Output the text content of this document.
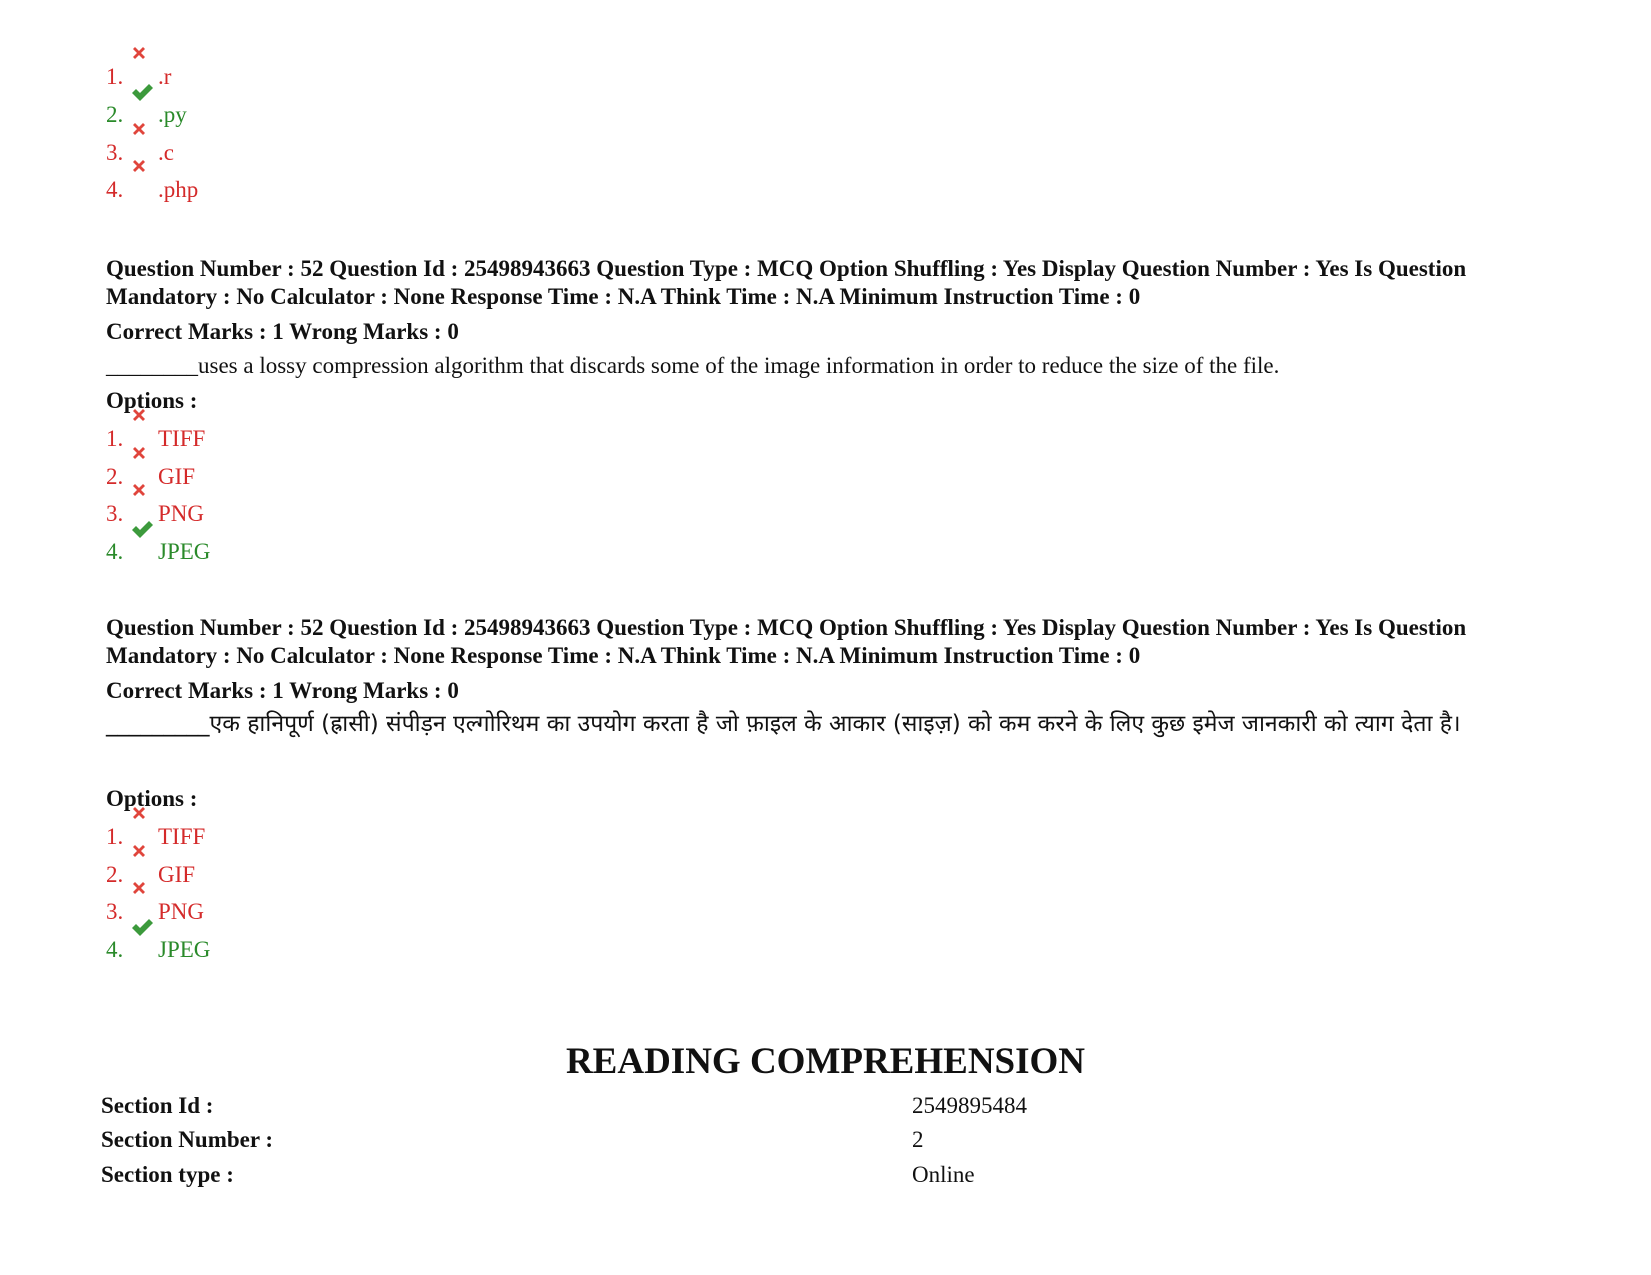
1. .r
2. .py
3. .c
4. .php
Question Number : 52 Question Id : 25498943663 Question Type : MCQ Option Shuffling : Yes Display Question Number : Yes Is Question Mandatory : No Calculator : None Response Time : N.A Think Time : N.A Minimum Instruction Time : 0
Correct Marks : 1 Wrong Marks : 0
________uses a lossy compression algorithm that discards some of the image information in order to reduce the size of the file.
Options :
1. TIFF
2. GIF
3. PNG
4. JPEG
Question Number : 52 Question Id : 25498943663 Question Type : MCQ Option Shuffling : Yes Display Question Number : Yes Is Question Mandatory : No Calculator : None Response Time : N.A Think Time : N.A Minimum Instruction Time : 0
Correct Marks : 1 Wrong Marks : 0
_________एक हानिपूर्ण (ह्रासी) संपीड़न एल्गोरिथम का उपयोग करता है जो फ़ाइल के आकार (साइज़) को कम करने के लिए कुछ इमेज जानकारी को त्याग देता है।
Options :
1. TIFF
2. GIF
3. PNG
4. JPEG
READING COMPREHENSION
Section Id :	2549895484
Section Number :	2
Section type :	Online
